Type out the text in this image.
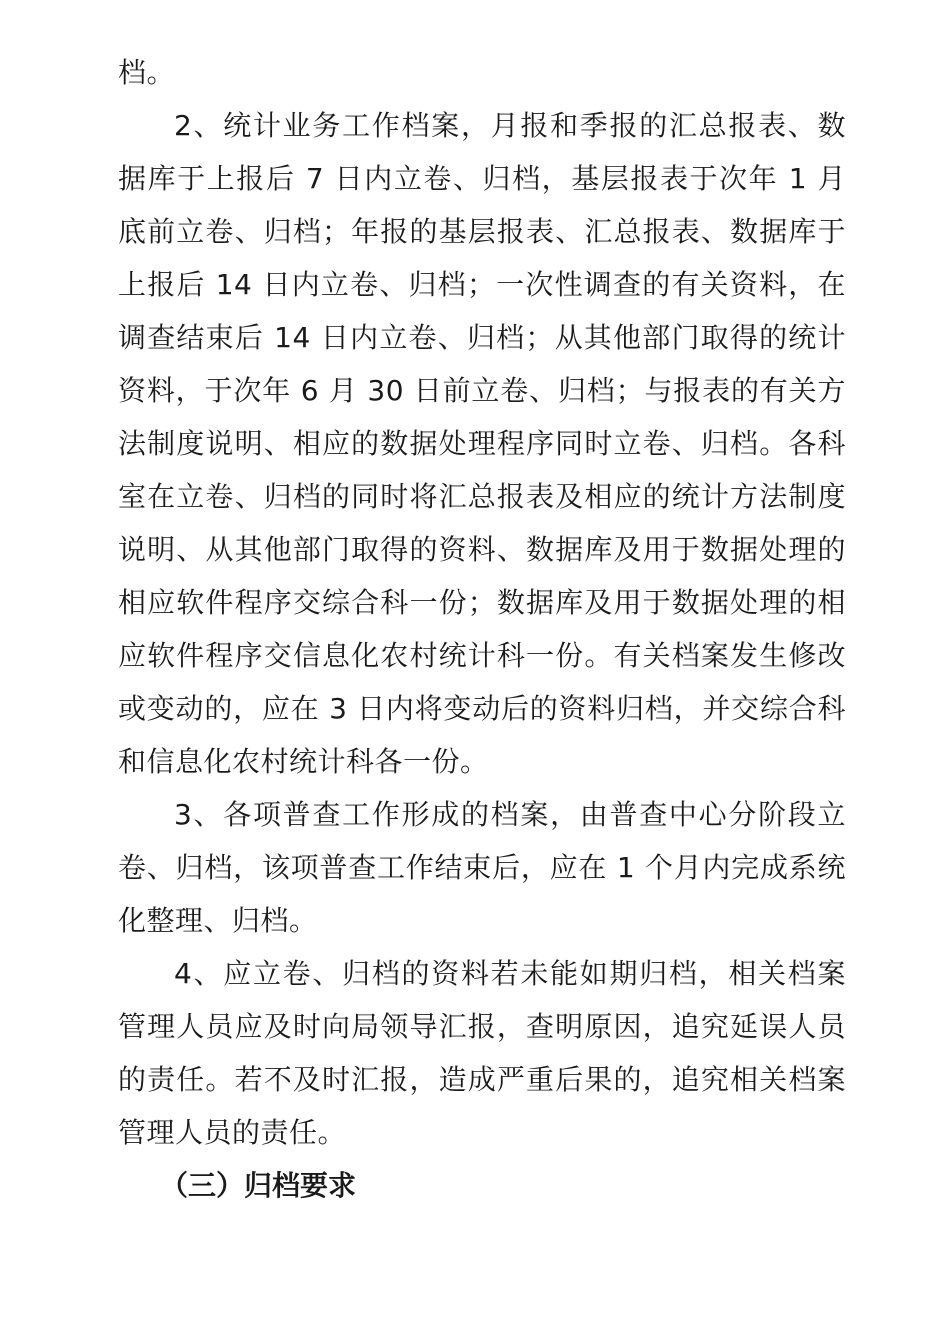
档。

2、统计业务工作档案，月报和季报的汇总报表、数据库于上报后 7 日内立卷、归档，基层报表于次年 1 月底前立卷、归档；年报的基层报表、汇总报表、数据库于上报后 14 日内立卷、归档；一次性调查的有关资料，在调查结束后 14 日内立卷、归档；从其他部门取得的统计资料，于次年 6 月 30 日前立卷、归档；与报表的有关方法制度说明、相应的数据处理程序同时立卷、归档。各科室在立卷、归档的同时将汇总报表及相应的统计方法制度说明、从其他部门取得的资料、数据库及用于数据处理的相应软件程序交综合科一份；数据库及用于数据处理的相应软件程序交信息化农村统计科一份。有关档案发生修改或变动的，应在 3 日内将变动后的资料归档，并交综合科和信息化农村统计科各一份。

3、各项普查工作形成的档案，由普查中心分阶段立卷、归档，该项普查工作结束后，应在 1 个月内完成系统化整理、归档。

4、应立卷、归档的资料若未能如期归档，相关档案管理人员应及时向局领导汇报，查明原因，追究延误人员的责任。若不及时汇报，造成严重后果的，追究相关档案管理人员的责任。

（三）归档要求
